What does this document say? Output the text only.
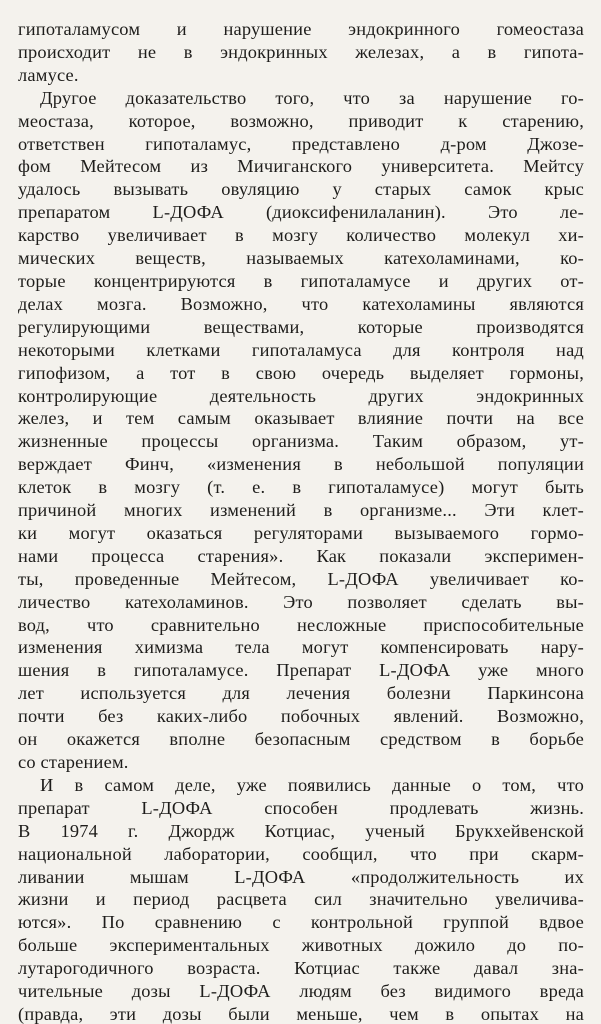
гипоталамусом и нарушение эндокринного гомеостаза
происходит не в эндокринных железах, а в гипота-
ламусе.
Другое доказательство того, что за нарушение го-
меостаза, которое, возможно, приводит к старению,
ответствен гипоталамус, представлено д-ром Джозе-
фом Мейтесом из Мичиганского университета. Мейтсу
удалось вызывать овуляцию у старых самок крыс
препаратом L-ДОФА (диоксифенилаланин). Это ле-
карство увеличивает в мозгу количество молекул хи-
мических веществ, называемых катехоламинами, ко-
торые концентрируются в гипоталамусе и других от-
делах мозга. Возможно, что катехоламины являются
регулирующими веществами, которые производятся
некоторыми клетками гипоталамуса для контроля над
гипофизом, а тот в свою очередь выделяет гормоны,
контролирующие деятельность других эндокринных
желез, и тем самым оказывает влияние почти на все
жизненные процессы организма. Таким образом, ут-
верждает Финч, «изменения в небольшой популяции
клеток в мозгу (т. е. в гипоталамусе) могут быть
причиной многих изменений в организме... Эти клет-
ки могут оказаться регуляторами вызываемого гормо-
нами процесса старения». Как показали эксперимен-
ты, проведенные Мейтесом, L-ДОФА увеличивает ко-
личество катехоламинов. Это позволяет сделать вы-
вод, что сравнительно несложные приспособительные
изменения химизма тела могут компенсировать нару-
шения в гипоталамусе. Препарат L-ДОФА уже много
лет используется для лечения болезни Паркинсона
почти без каких-либо побочных явлений. Возможно,
он окажется вполне безопасным средством в борьбе
со старением.
И в самом деле, уже появились данные о том, что
препарат L-ДОФА способен продлевать жизнь.
В 1974 г. Джордж Котциас, ученый Брукхейвенской
национальной лаборатории, сообщил, что при скарм-
ливании мышам L-ДОФА «продолжительность их
жизни и период расцвета сил значительно увеличива-
ются». По сравнению с контрольной группой вдвое
больше экспериментальных животных дожило до по-
лутарогодичного возраста. Котциас также давал зна-
чительные дозы L-ДОФА людям без видимого вреда
(правда, эти дозы были меньше, чем в опытах на
